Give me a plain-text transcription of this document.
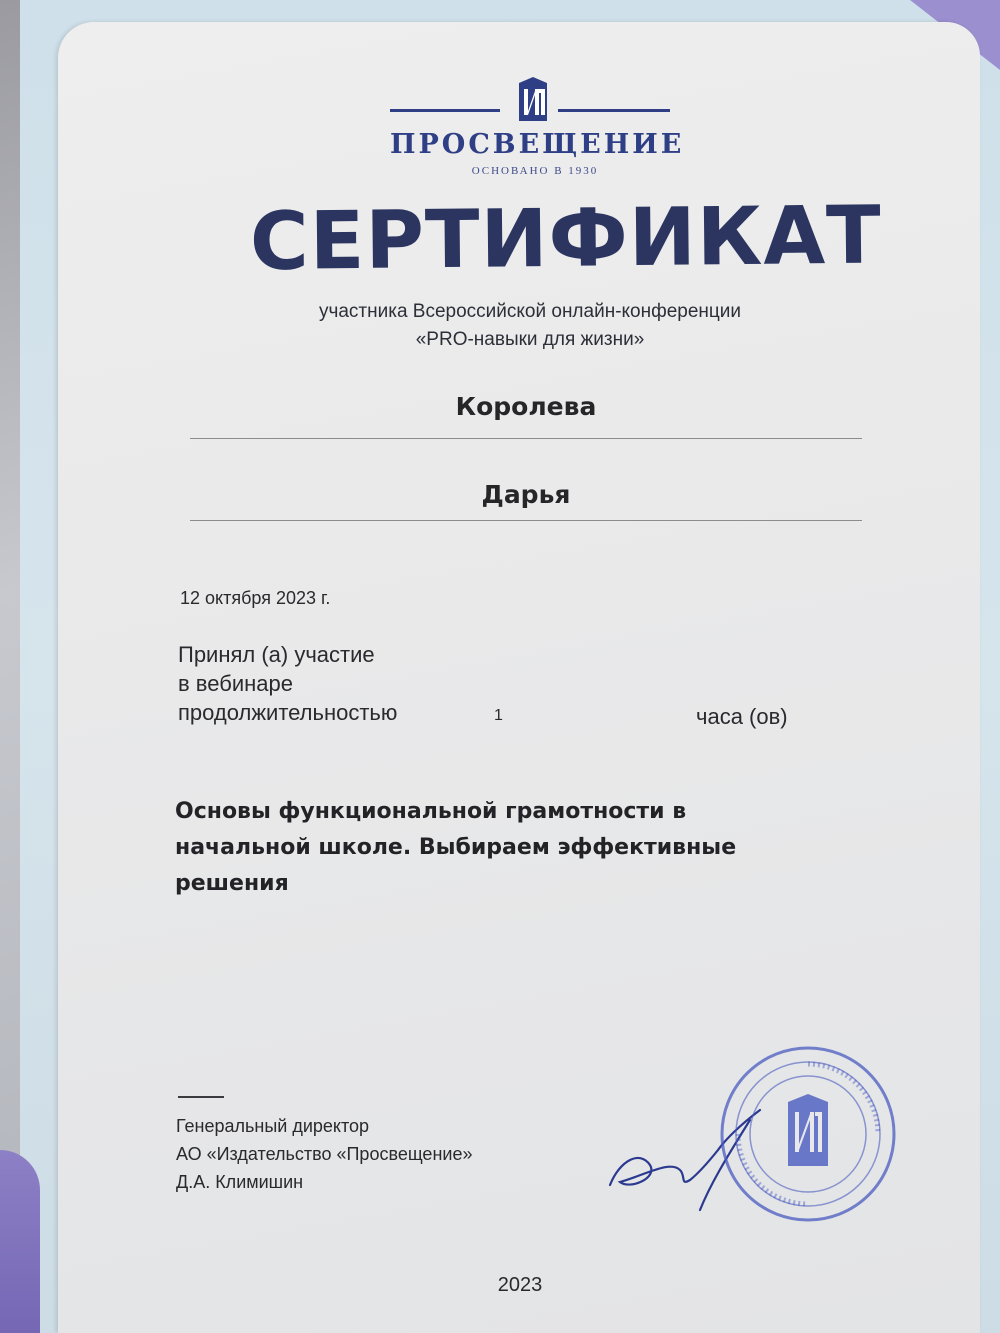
ПРОСВЕЩЕНИЕ
ОСНОВАНО В 1930
СЕРТИФИКАТ
участника Всероссийской онлайн-конференции
«PRO-навыки для жизни»
Королева
Дарья
12 октября 2023 г.
Принял (а) участие
в вебинаре
продолжительностью	1	часа (ов)
Основы функциональной грамотности в
начальной школе. Выбираем эффективные
решения
Генеральный директор
АО «Издательство «Просвещение»
Д.А. Климишин
2023
